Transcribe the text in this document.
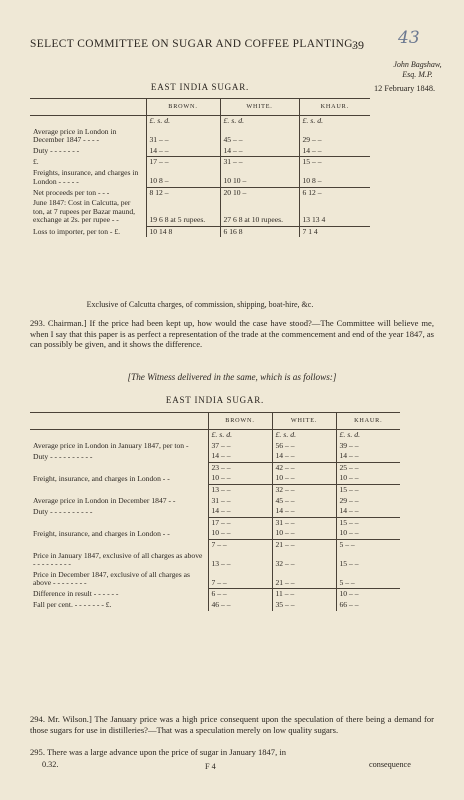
SELECT COMMITTEE ON SUGAR AND COFFEE PLANTING.
39 43
John Bagshaw,
Esq. M.P.
12 February 1848.
EAST INDIA SUGAR.
	BROWN.	WHITE.	KHAUR.
	£. s. d.	£. s. d.	£. s. d.
Average price in London in December 1847 - - - -	31 – –	45 – –	29 – –
Duty - - - - - - -	14 – –	14 – –	14 – –
£.	17 – –	31 – –	15 – –
Freights, insurance, and charges in London - - - - -	10 8 –	10 10 –	10 8 –
Net proceeds per ton - - -	8 12 –	20 10 –	6 12 –
June 1847: Cost in Calcutta, per ton, at 7 rupees per Bazar maund, exchange at 2s. per rupee - -	19 6 8 at 5 rupees.	27 6 8 at 10 rupees.	13 13 4
Loss to importer, per ton - £.	10 14 8	6 16 8	7 1 4
Exclusive of Calcutta charges, of commission, shipping, boat-hire, &c.
293. Chairman.] If the price had been kept up, how would the case have stood?—The Committee will believe me, when I say that this paper is as perfect a representation of the trade at the commencement and end of the year 1847, as can possibly be given, and it shows the difference.
[The Witness delivered in the same, which is as follows:]
EAST INDIA SUGAR.
	BROWN.	WHITE.	KHAUR.
	£. s. d.	£. s. d.	£. s. d.
Average price in London in January 1847, per ton -	37 – –	56 – –	39 – –
Duty - - - - - - - - - -	14 – –	14 – –	14 – –
	23 – –	42 – –	25 – –
Freight, insurance, and charges in London - -	10 – –	10 – –	10 – –
	13 – –	32 – –	15 – –
Average price in London in December 1847 - -	31 – –	45 – –	29 – –
Duty - - - - - - - - - -	14 – –	14 – –	14 – –
	17 – –	31 – –	15 – –
Freight, insurance, and charges in London - -	10 – –	10 – –	10 – –
	7 – –	21 – –	5 – –
Price in January 1847, exclusive of all charges as above - - - - - - - - -	13 – –	32 – –	15 – –
Price in December 1847, exclusive of all charges as above - - - - - - - -	7 – –	21 – –	5 – –
Difference in result - - - - - -	6 – –	11 – –	10 – –
Fall per cent. - - - - - - - £.	46 – –	35 – –	66 – –
294. Mr. Wilson.] The January price was a high price consequent upon the speculation of there being a demand for those sugars for use in distilleries?—That was a speculation merely on low quality sugars.
295. There was a large advance upon the price of sugar in January 1847, in
0.32.	F 4	consequence
